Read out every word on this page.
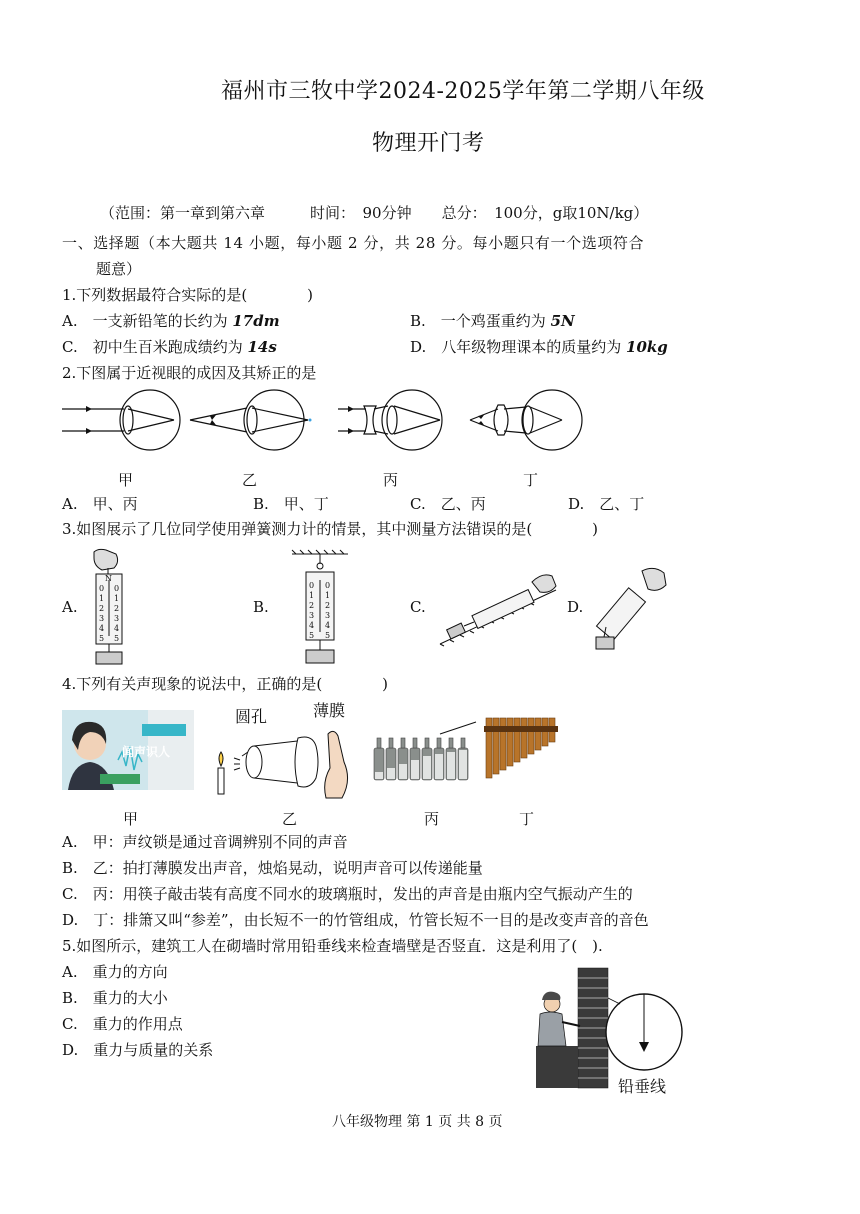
福州市三牧中学2024-2025学年第二学期八年级
物理开门考
（范围：第一章到第六章　　　时间：　90分钟　　总分：　100分，g取10N/kg）
一、选择题（本大题共 14 小题，每小题 2 分，共 28 分。每小题只有一个选项符合
题意）
1.下列数据最符合实际的是(　　　　)
A.　一支新铅笔的长约为 17dm	B.　一个鸡蛋重约为 5N
C.　初中生百米跑成绩约为 14s	D.　八年级物理课本的质量约为 10kg
2.下图属于近视眼的成因及其矫正的是
甲	乙	丙	丁
A.　甲、丙	B.　甲、丁	C.　乙、丙	D.　乙、丁
3.如图展示了几位同学使用弹簧测力计的情景，其中测量方法错误的是(　　　　)
A.	B.	C.	D.
N
0
1
2
3
4
5
0
1
2
3
4
5
0
1
2
3
4
5
0
1
2
3
4
5
4.下列有关声现象的说法中，正确的是(　　　　)
闻声识人
圆孔	薄膜
甲	乙	丙	丁
A.　甲：声纹锁是通过音调辨别不同的声音
B.　乙：拍打薄膜发出声音，烛焰晃动，说明声音可以传递能量
C.　丙：用筷子敲击装有高度不同水的玻璃瓶时，发出的声音是由瓶内空气振动产生的
D.　丁：排箫又叫“参差”，由长短不一的竹管组成，竹管长短不一目的是改变声音的音色
5.如图所示，建筑工人在砌墙时常用铅垂线来检查墙壁是否竖直．这是利用了(　).
A.　重力的方向
B.　重力的大小
C.　重力的作用点
D.　重力与质量的关系
铅垂线
八年级物理 第 1 页 共 8 页
